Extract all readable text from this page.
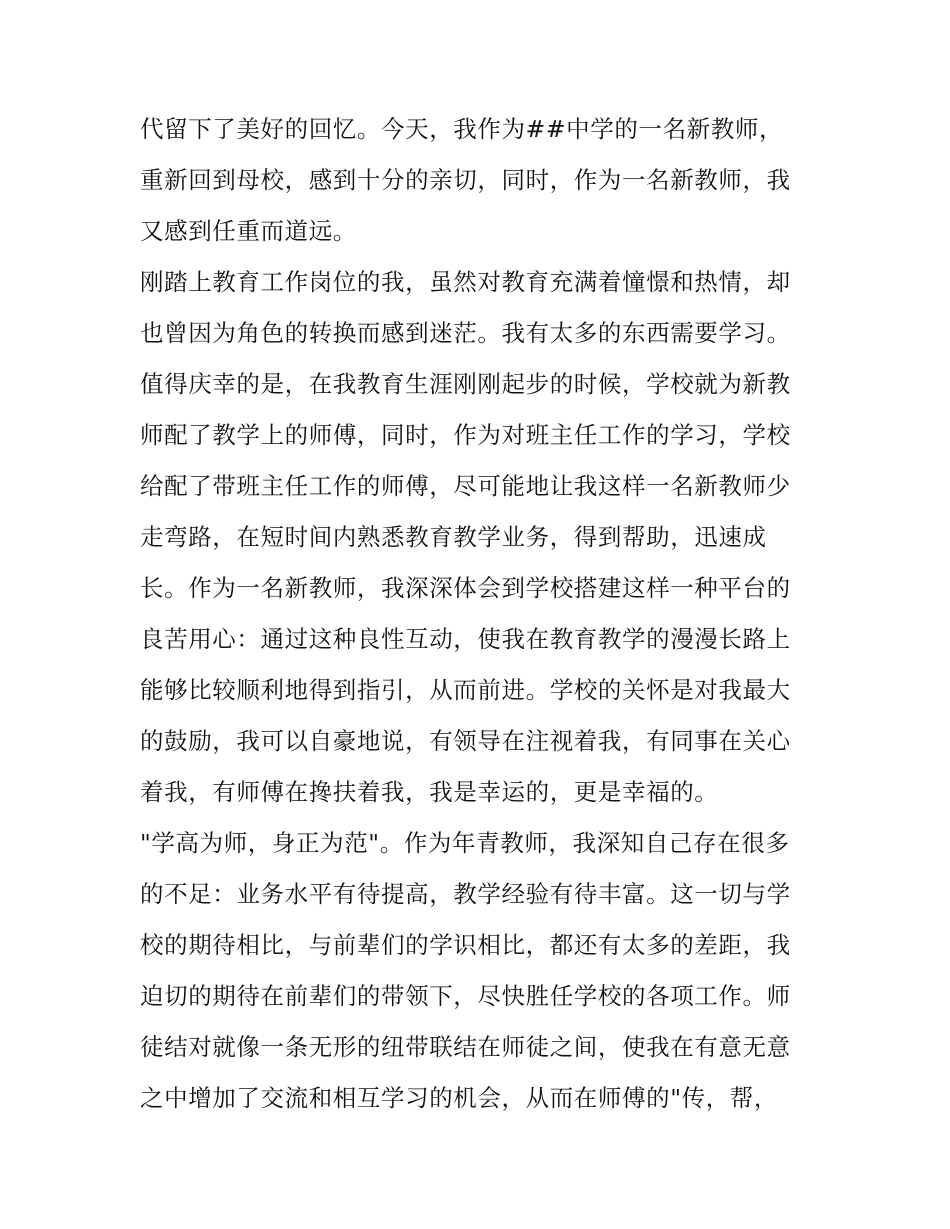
代留下了美好的回忆。今天，我作为##中学的一名新教师，
重新回到母校，感到十分的亲切，同时，作为一名新教师，我
又感到任重而道远。
刚踏上教育工作岗位的我，虽然对教育充满着憧憬和热情，却
也曾因为角色的转换而感到迷茫。我有太多的东西需要学习。
值得庆幸的是，在我教育生涯刚刚起步的时候，学校就为新教
师配了教学上的师傅，同时，作为对班主任工作的学习，学校
给配了带班主任工作的师傅，尽可能地让我这样一名新教师少
走弯路，在短时间内熟悉教育教学业务，得到帮助，迅速成
长。作为一名新教师，我深深体会到学校搭建这样一种平台的
良苦用心：通过这种良性互动，使我在教育教学的漫漫长路上
能够比较顺利地得到指引，从而前进。学校的关怀是对我最大
的鼓励，我可以自豪地说，有领导在注视着我，有同事在关心
着我，有师傅在搀扶着我，我是幸运的，更是幸福的。
"学高为师，身正为范"。作为年青教师，我深知自己存在很多
的不足：业务水平有待提高，教学经验有待丰富。这一切与学
校的期待相比，与前辈们的学识相比，都还有太多的差距，我
迫切的期待在前辈们的带领下，尽快胜任学校的各项工作。师
徒结对就像一条无形的纽带联结在师徒之间，使我在有意无意
之中增加了交流和相互学习的机会，从而在师傅的"传，帮，
